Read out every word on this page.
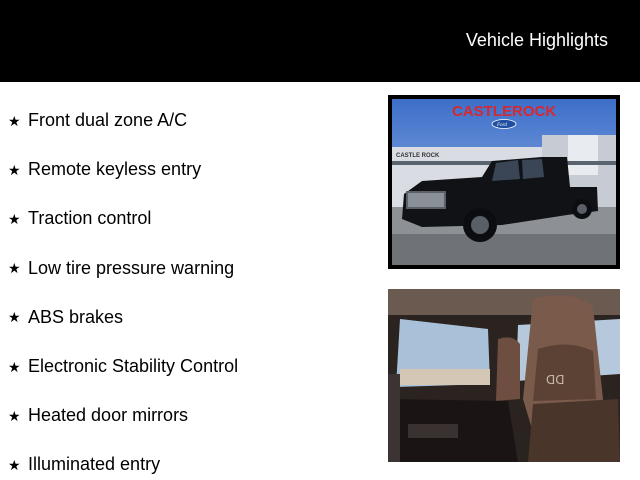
Vehicle Highlights
★ Front dual zone A/C
★ Remote keyless entry
★ Traction control
★ Low tire pressure warning
★ ABS brakes
★ Electronic Stability Control
★ Heated door mirrors
★ Illuminated entry
CASTLE ROCK
CASTLEROCK
Ford
ᗡᗡ
